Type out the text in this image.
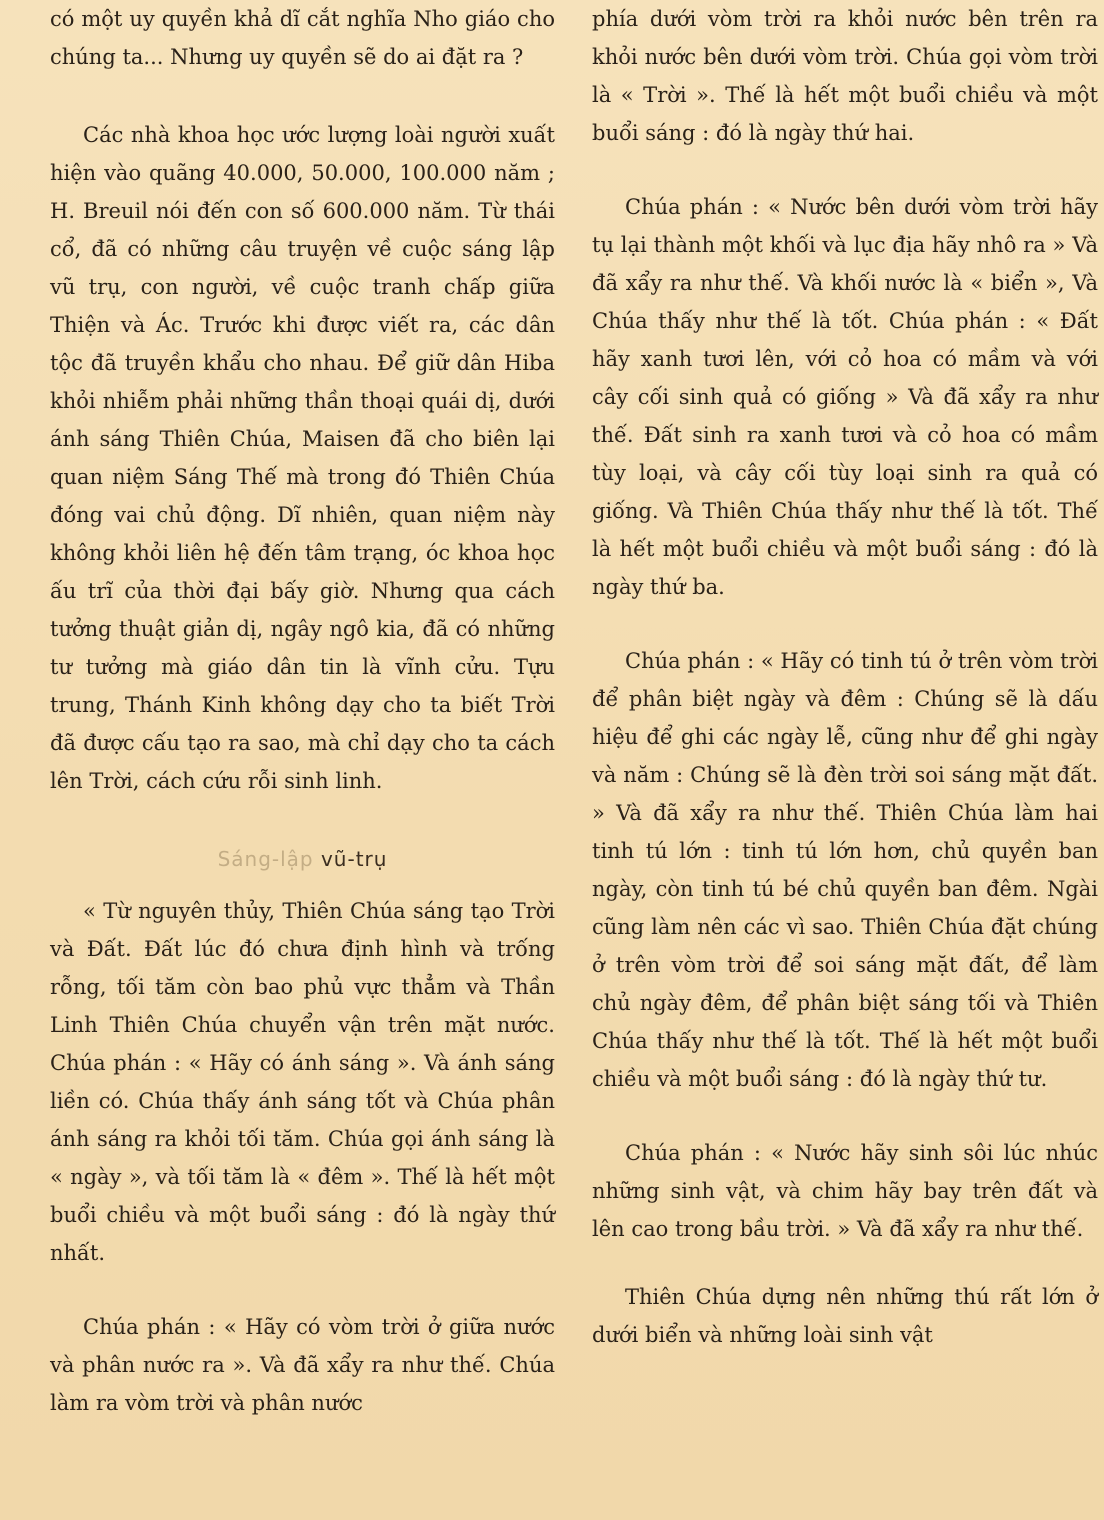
có một uy quyền khả dĩ cắt nghĩa Nho giáo cho chúng ta... Nhưng uy quyền sẽ do ai đặt ra ?

Các nhà khoa học ước lượng loài người xuất hiện vào quãng 40.000, 50.000, 100.000 năm ; H. Breuil nói đến con số 600.000 năm. Từ thái cổ, đã có những câu truyện về cuộc sáng lập vũ trụ, con người, về cuộc tranh chấp giữa Thiện và Ác. Trước khi được viết ra, các dân tộc đã truyền khẩu cho nhau. Để giữ dân Hiba khỏi nhiễm phải những thần thoại quái dị, dưới ánh sáng Thiên Chúa, Maisen đã cho biên lại quan niệm Sáng Thế mà trong đó Thiên Chúa đóng vai chủ động. Dĩ nhiên, quan niệm này không khỏi liên hệ đến tâm trạng, óc khoa học ấu trĩ của thời đại bấy giờ. Nhưng qua cách tưởng thuật giản dị, ngây ngô kia, đã có những tư tưởng mà giáo dân tin là vĩnh cửu. Tựu trung, Thánh Kinh không dạy cho ta biết Trời đã được cấu tạo ra sao, mà chỉ dạy cho ta cách lên Trời, cách cứu rỗi sinh linh.

Sáng-lập vũ-trụ

« Từ nguyên thủy, Thiên Chúa sáng tạo Trời và Đất. Đất lúc đó chưa định hình và trống rỗng, tối tăm còn bao phủ vực thẳm và Thần Linh Thiên Chúa chuyển vận trên mặt nước. Chúa phán : « Hãy có ánh sáng ». Và ánh sáng liền có. Chúa thấy ánh sáng tốt và Chúa phân ánh sáng ra khỏi tối tăm. Chúa gọi ánh sáng là « ngày », và tối tăm là « đêm ». Thế là hết một buổi chiều và một buổi sáng : đó là ngày thứ nhất.

Chúa phán : « Hãy có vòm trời ở giữa nước và phân nước ra ». Và đã xẩy ra như thế. Chúa làm ra vòm trời và phân nước

phía dưới vòm trời ra khỏi nước bên trên ra khỏi nước bên dưới vòm trời. Chúa gọi vòm trời là « Trời ». Thế là hết một buổi chiều và một buổi sáng : đó là ngày thứ hai.

Chúa phán : « Nước bên dưới vòm trời hãy tụ lại thành một khối và lục địa hãy nhô ra » Và đã xẩy ra như thế. Và khối nước là « biển », Và Chúa thấy như thế là tốt. Chúa phán : « Đất hãy xanh tươi lên, với cỏ hoa có mầm và với cây cối sinh quả có giống » Và đã xẩy ra như thế. Đất sinh ra xanh tươi và cỏ hoa có mầm tùy loại, và cây cối tùy loại sinh ra quả có giống. Và Thiên Chúa thấy như thế là tốt. Thế là hết một buổi chiều và một buổi sáng : đó là ngày thứ ba.

Chúa phán : « Hãy có tinh tú ở trên vòm trời để phân biệt ngày và đêm : Chúng sẽ là dấu hiệu để ghi các ngày lễ, cũng như để ghi ngày và năm : Chúng sẽ là đèn trời soi sáng mặt đất. » Và đã xẩy ra như thế. Thiên Chúa làm hai tinh tú lớn : tinh tú lớn hơn, chủ quyền ban ngày, còn tinh tú bé chủ quyền ban đêm. Ngài cũng làm nên các vì sao. Thiên Chúa đặt chúng ở trên vòm trời để soi sáng mặt đất, để làm chủ ngày đêm, để phân biệt sáng tối và Thiên Chúa thấy như thế là tốt. Thế là hết một buổi chiều và một buổi sáng : đó là ngày thứ tư.

Chúa phán : « Nước hãy sinh sôi lúc nhúc những sinh vật, và chim hãy bay trên đất và lên cao trong bầu trời. » Và đã xẩy ra như thế.

Thiên Chúa dựng nên những thú rất lớn ở dưới biển và những loài sinh vật
